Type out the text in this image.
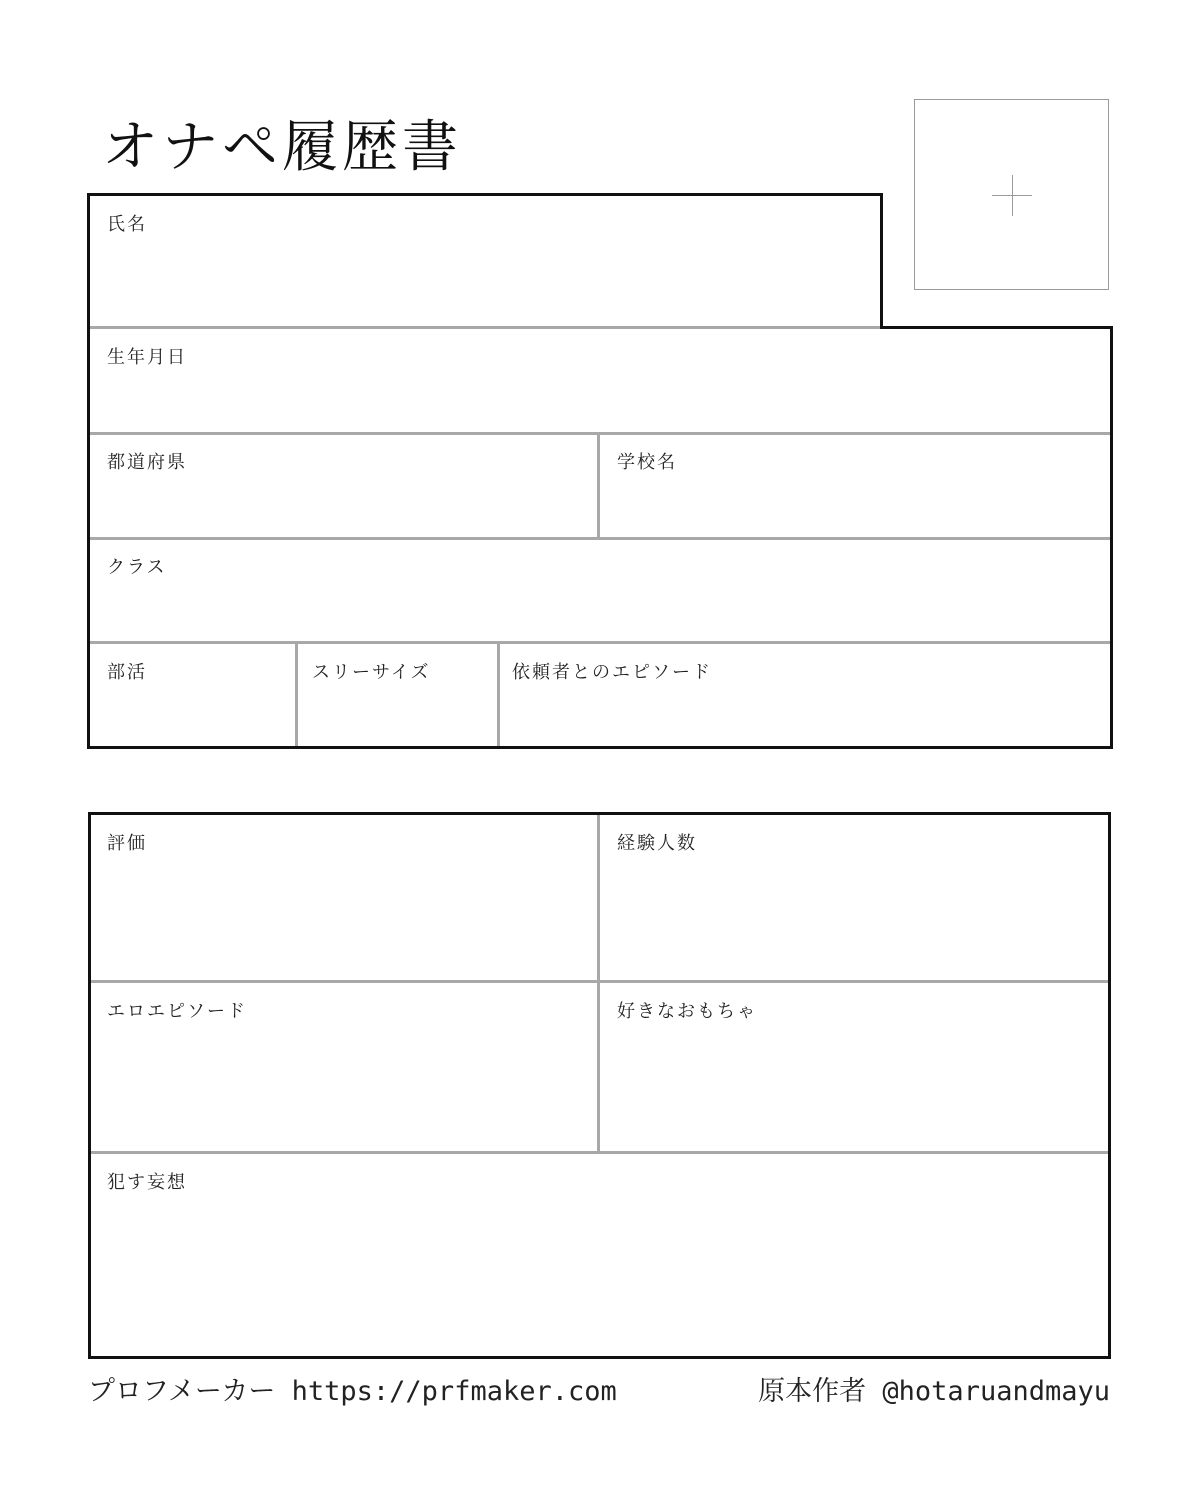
オナペ履歴書
氏名
生年月日
都道府県	学校名
クラス
部活	スリーサイズ	依頼者とのエピソード
評価	経験人数
エロエピソード	好きなおもちゃ
犯す妄想
プロフメーカー https://prfmaker.com	原本作者 @hotaruandmayu
